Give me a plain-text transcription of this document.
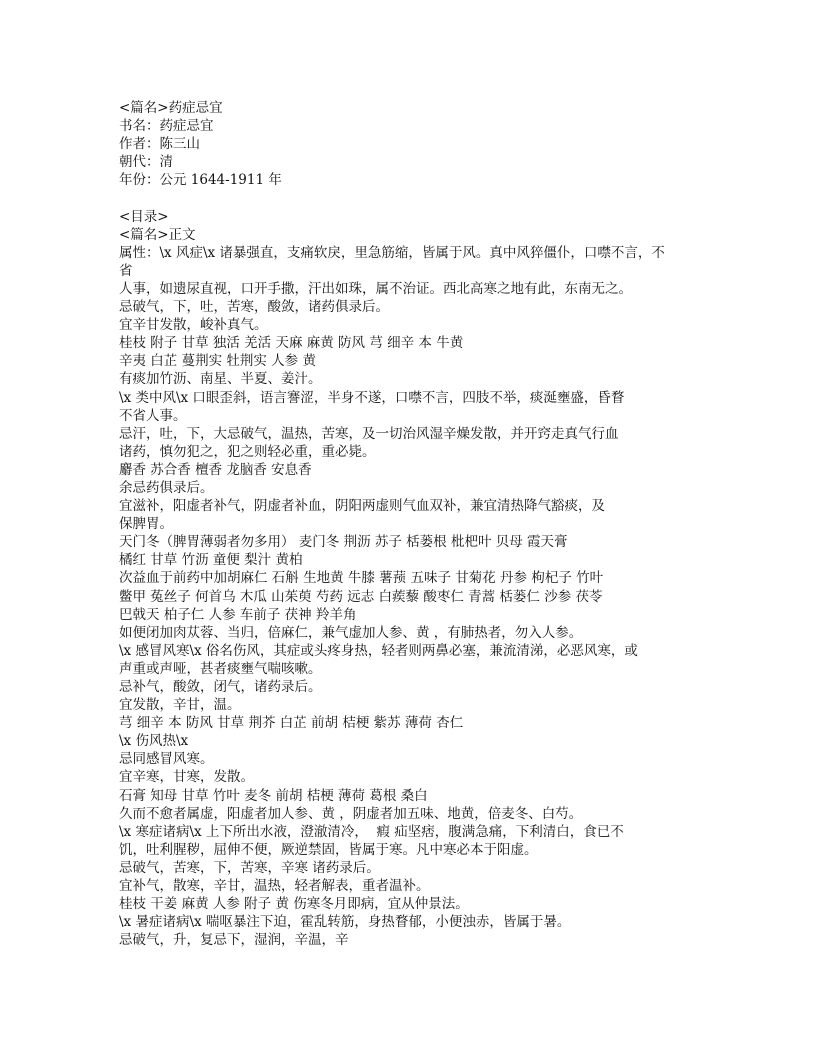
<篇名>药症忌宜
书名：药症忌宜
作者：陈三山
朝代：清
年份：公元 1644-1911 年
<目录>
<篇名>正文
属性：\x 风症\x 诸暴强直，支痛软戾，里急筋缩，皆属于风。真中风猝僵仆，口噤不言，不
省
人事，如遗尿直视，口开手撒，汗出如珠，属不治证。西北高寒之地有此，东南无之。
忌破气，下，吐，苦寒，酸敛，诸药俱录后。
宜辛甘发散，峻补真气。
桂枝 附子 甘草 独活 羌活 天麻 麻黄 防风 芎 细辛 本 牛黄
辛夷 白芷 蔓荆实 牡荆实 人参 黄
有痰加竹沥、南星、半夏、姜汁。
\x 类中风\x 口眼歪斜，语言謇涩，半身不遂，口噤不言，四肢不举，痰涎壅盛，昏瞀
不省人事。
忌汗，吐，下，大忌破气，温热，苦寒，及一切治风湿辛燥发散，并开窍走真气行血
诸药，慎勿犯之，犯之则轻必重，重必毙。
麝香 苏合香 檀香 龙脑香 安息香
余忌药俱录后。
宜滋补，阳虚者补气，阴虚者补血，阴阳两虚则气血双补，兼宜清热降气豁痰，及
保脾胃。
天门冬（脾胃薄弱者勿多用） 麦门冬 荆沥 苏子 栝蒌根 枇杷叶 贝母 霞天膏
橘红 甘草 竹沥 童便 梨汁 黄柏
次益血于前药中加胡麻仁 石斛 生地黄 牛膝 薯蓣 五味子 甘菊花 丹参 枸杞子 竹叶
鳖甲 菟丝子 何首乌 木瓜 山茱萸 芍药 远志 白蒺藜 酸枣仁 青蒿 栝蒌仁 沙参 茯苓
巴戟天 柏子仁 人参 车前子 茯神 羚羊角
如便闭加肉苁蓉、当归，倍麻仁，兼气虚加人参、黄 ，有肺热者，勿入人参。
\x 感冒风寒\x 俗名伤风，其症或头疼身热，轻者则两鼻必塞，兼流清涕，必恶风寒，或
声重或声哑，甚者痰壅气喘咳嗽。
忌补气，酸敛，闭气，诸药录后。
宜发散，辛甘，温。
芎 细辛 本 防风 甘草 荆芥 白芷 前胡 桔梗 紫苏 薄荷 杏仁
\x 伤风热\x
忌同感冒风寒。
宜辛寒，甘寒，发散。
石膏 知母 甘草 竹叶 麦冬 前胡 桔梗 薄荷 葛根 桑白
久而不愈者属虚，阳虚者加人参、黄 ，阴虚者加五味、地黄，倍麦冬、白芍。
\x 寒症诸病\x 上下所出水液，澄澈清冷，  瘕 疝坚痞，腹满急痛，下利清白，食已不
饥，吐利腥秽，屈伸不便，厥逆禁固，皆属于寒。凡中寒必本于阳虚。
忌破气，苦寒，下，苦寒，辛寒 诸药录后。
宜补气，散寒，辛甘，温热，轻者解表，重者温补。
桂枝 干姜 麻黄 人参 附子 黄 伤寒冬月即病，宜从仲景法。
\x 暑症诸病\x 喘呕暴注下迫，霍乱转筋，身热瞀郁，小便浊赤，皆属于暑。
忌破气，升，复忌下，湿润，辛温，辛
